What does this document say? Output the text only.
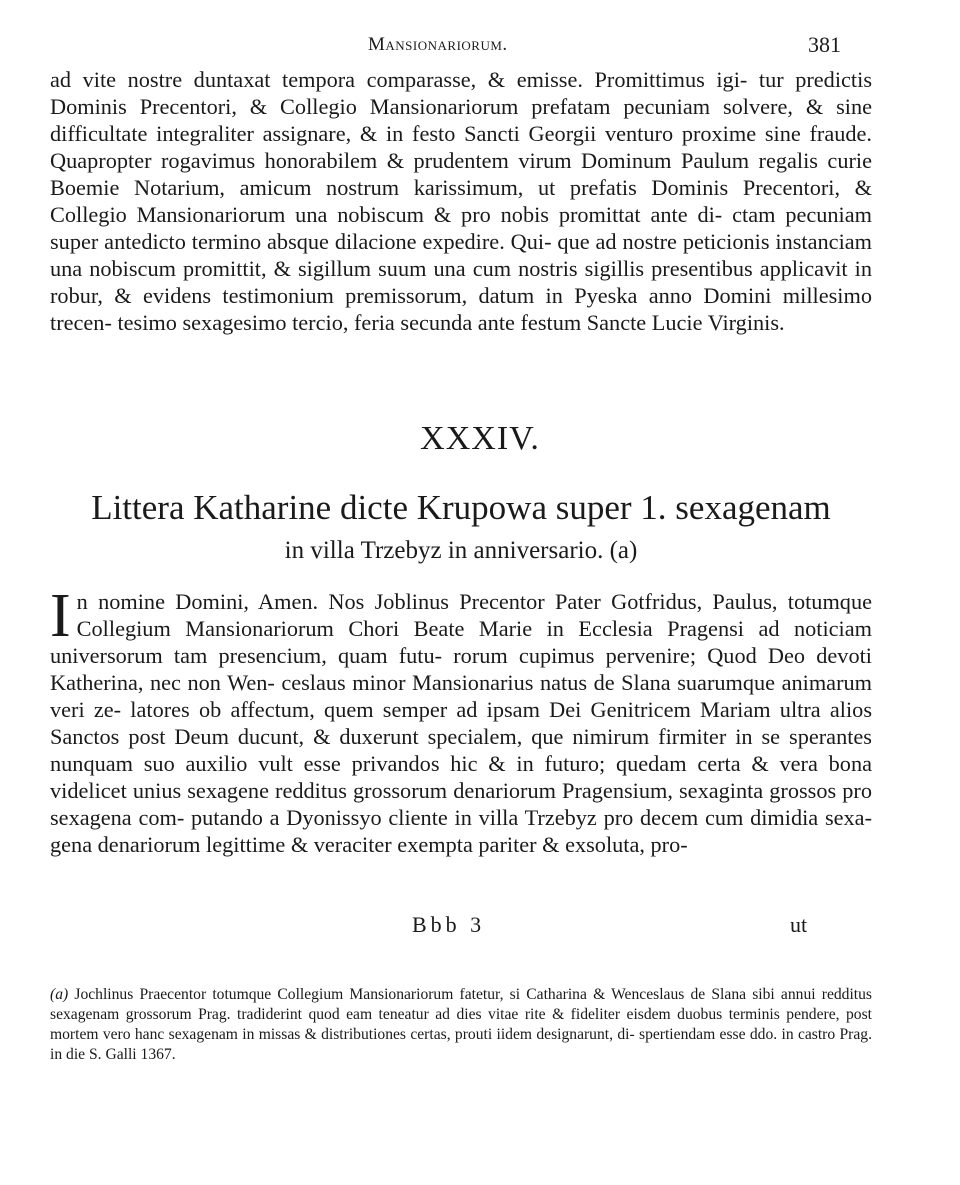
Mansionariorum.	381

ad vite nostre duntaxat tempora comparasse, & emisse. Promittimus igi- tur predictis Dominis Precentori, & Collegio Mansionariorum prefatam pecuniam solvere, & sine difficultate integraliter assignare, & in festo Sancti Georgii venturo proxime sine fraude. Quapropter rogavimus honorabilem & prudentem virum Dominum Paulum regalis curie Boemie Notarium, amicum nostrum karissimum, ut prefatis Dominis Precentori, & Collegio Mansionariorum una nobiscum & pro nobis promittat ante di- ctam pecuniam super antedicto termino absque dilacione expedire. Qui- que ad nostre peticionis instanciam una nobiscum promittit, & sigillum suum una cum nostris sigillis presentibus applicavit in robur, & evidens testimonium premissorum, datum in Pyeska anno Domini millesimo trecen- tesimo sexagesimo tercio, feria secunda ante festum Sancte Lucie Virginis.

XXXIV.
Littera Katharine dicte Krupowa super 1. sexagenam
in villa Trzebyz in anniversario. (a)
In nomine Domini, Amen. Nos Joblinus Precentor Pater Gotfridus, Paulus, totumque Collegium Mansionariorum Chori Beate Marie in Ecclesia Pragensi ad noticiam universorum tam presencium, quam futu- rorum cupimus pervenire; Quod Deo devoti Katherina, nec non Wen- ceslaus minor Mansionarius natus de Slana suarumque animarum veri ze- latores ob affectum, quem semper ad ipsam Dei Genitricem Mariam ultra alios Sanctos post Deum ducunt, & duxerunt specialem, que nimirum firmiter in se sperantes nunquam suo auxilio vult esse privandos hic & in futuro; quedam certa & vera bona videlicet unius sexagene redditus grossorum denariorum Pragensium, sexaginta grossos pro sexagena com- putando a Dyonissyo cliente in villa Trzebyz pro decem cum dimidia sexa- gena denariorum legittime & veraciter exempta pariter & exsoluta, pro-
Bbb 3	ut
(a) Jochlinus Praecentor totumque Collegium Mansionariorum fatetur, si Catharina & Wenceslaus de Slana sibi annui redditus sexagenam grossorum Prag. tradiderint quod eam teneatur ad dies vitae rite & fideliter eisdem duobus terminis pendere, post mortem vero hanc sexagenam in missas & distributiones certas, prouti iidem designarunt, di- spertiendam esse ddo. in castro Prag. in die S. Galli 1367.
